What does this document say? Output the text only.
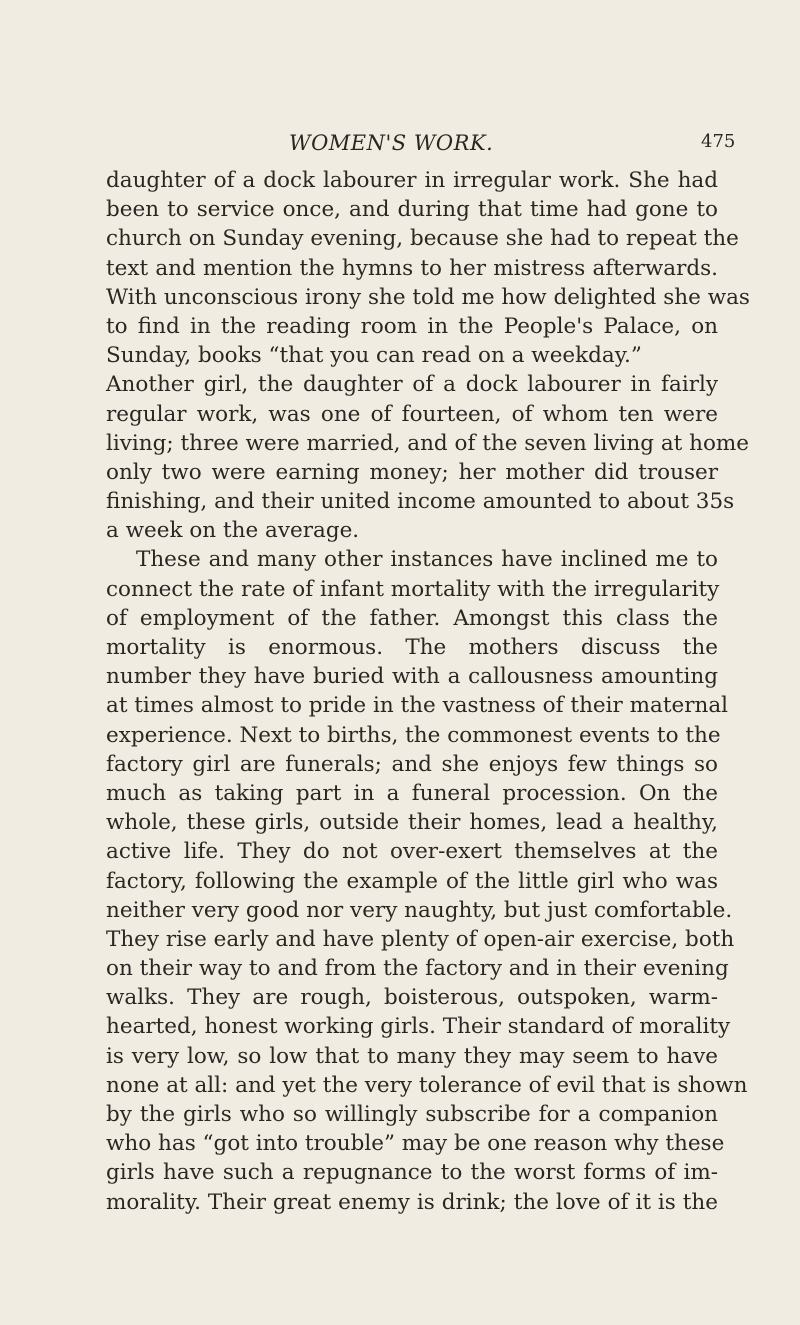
WOMEN'S WORK.	475
daughter of a dock labourer in irregular work. She had
been to service once, and during that time had gone to
church on Sunday evening, because she had to repeat the
text and mention the hymns to her mistress afterwards.
With unconscious irony she told me how delighted she was
to find in the reading room in the People's Palace, on
Sunday, books “that you can read on a weekday.”
Another girl, the daughter of a dock labourer in fairly
regular work, was one of fourteen, of whom ten were
living; three were married, and of the seven living at home
only two were earning money; her mother did trouser
finishing, and their united income amounted to about 35s
a week on the average.
These and many other instances have inclined me to
connect the rate of infant mortality with the irregularity
of employment of the father. Amongst this class the
mortality is enormous. The mothers discuss the
number they have buried with a callousness amounting
at times almost to pride in the vastness of their maternal
experience. Next to births, the commonest events to the
factory girl are funerals; and she enjoys few things so
much as taking part in a funeral procession. On the
whole, these girls, outside their homes, lead a healthy,
active life. They do not over-exert themselves at the
factory, following the example of the little girl who was
neither very good nor very naughty, but just comfortable.
They rise early and have plenty of open-air exercise, both
on their way to and from the factory and in their evening
walks. They are rough, boisterous, outspoken, warm-
hearted, honest working girls. Their standard of morality
is very low, so low that to many they may seem to have
none at all: and yet the very tolerance of evil that is shown
by the girls who so willingly subscribe for a companion
who has “got into trouble” may be one reason why these
girls have such a repugnance to the worst forms of im-
morality. Their great enemy is drink; the love of it is the
